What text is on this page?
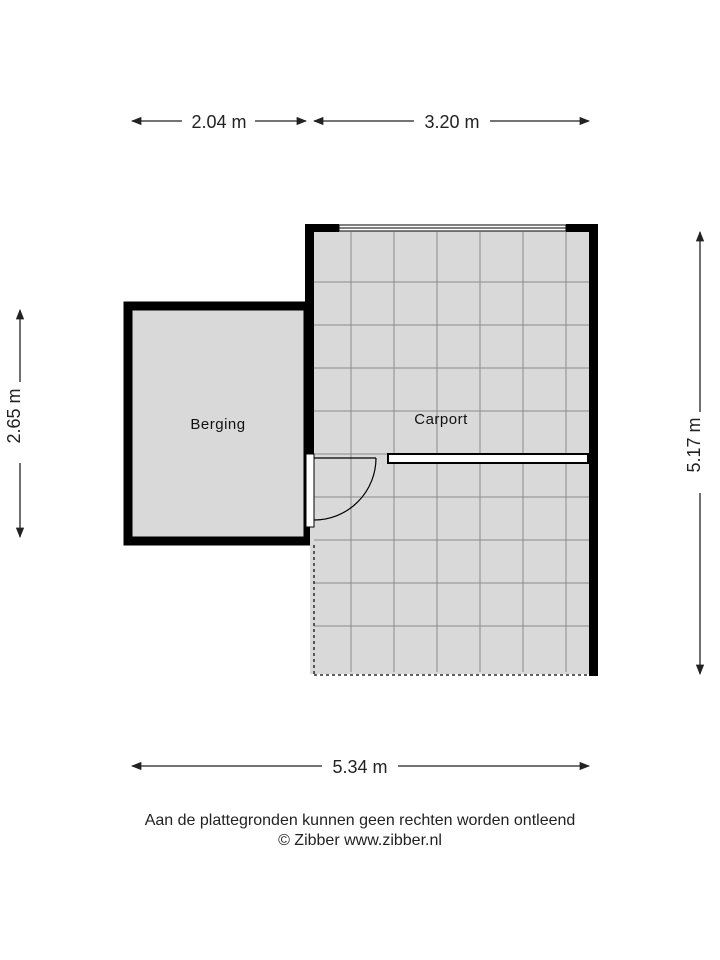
Berging	Carport
2.04 m	3.20 m
5.34 m
2.65 m
5.17 m
Aan de plattegronden kunnen geen rechten worden ontleend
© Zibber www.zibber.nl
